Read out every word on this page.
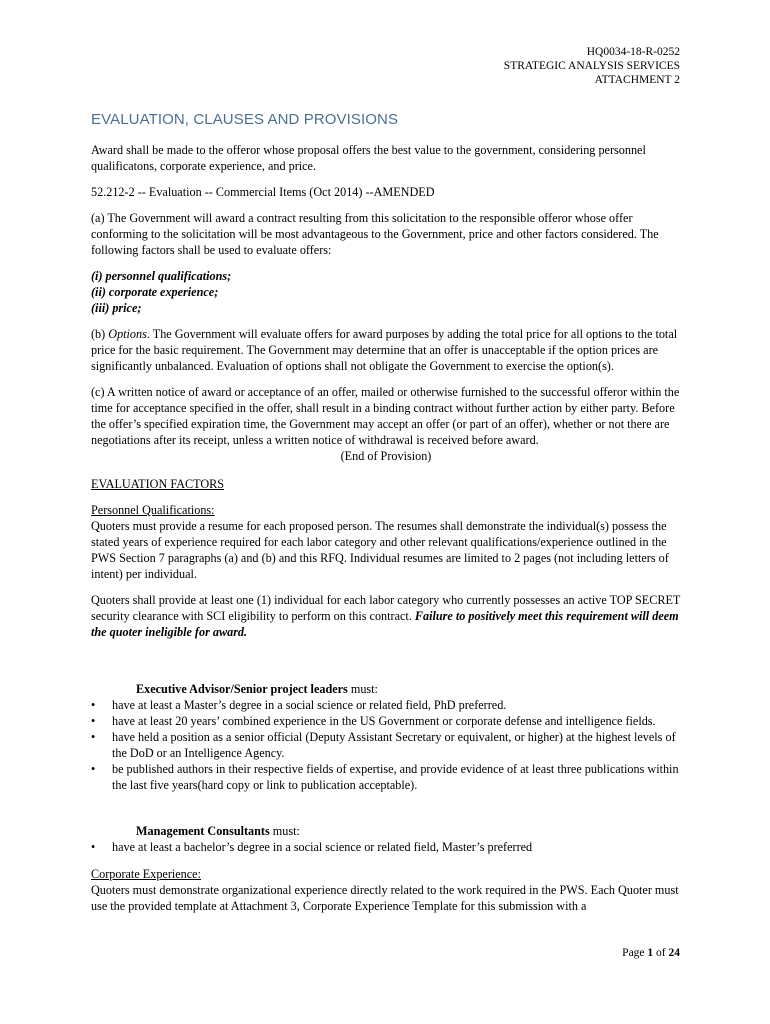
HQ0034-18-R-0252
STRATEGIC ANALYSIS SERVICES
ATTACHMENT 2
EVALUATION, CLAUSES AND PROVISIONS

Award shall be made to the offeror whose proposal offers the best value to the government, considering personnel qualificatons, corporate experience, and price.

52.212-2 -- Evaluation -- Commercial Items (Oct 2014) --AMENDED

(a) The Government will award a contract resulting from this solicitation to the responsible offeror whose offer conforming to the solicitation will be most advantageous to the Government, price and other factors considered. The following factors shall be used to evaluate offers:

(i) personnel qualifications;
(ii) corporate experience;
(iii) price;

(b) Options. The Government will evaluate offers for award purposes by adding the total price for all options to the total price for the basic requirement. The Government may determine that an offer is unacceptable if the option prices are significantly unbalanced. Evaluation of options shall not obligate the Government to exercise the option(s).

(c) A written notice of award or acceptance of an offer, mailed or otherwise furnished to the successful offeror within the time for acceptance specified in the offer, shall result in a binding contract without further action by either party. Before the offer’s specified expiration time, the Government may accept an offer (or part of an offer), whether or not there are negotiations after its receipt, unless a written notice of withdrawal is received before award.

(End of Provision)

EVALUATION FACTORS

Personnel Qualifications:

Quoters must provide a resume for each proposed person. The resumes shall demonstrate the individual(s) possess the stated years of experience required for each labor category and other relevant qualifications/experience outlined in the PWS Section 7 paragraphs (a) and (b) and this RFQ. Individual resumes are limited to 2 pages (not including letters of intent) per individual.

Quoters shall provide at least one (1) individual for each labor category who currently possesses an active TOP SECRET security clearance with SCI eligibility to perform on this contract. Failure to positively meet this requirement will deem the quoter ineligible for award.

Executive Advisor/Senior project leaders must:

• have at least a Master’s degree in a social science or related field, PhD preferred.
• have at least 20 years’ combined experience in the US Government or corporate defense and intelligence fields.
• have held a position as a senior official (Deputy Assistant Secretary or equivalent, or higher) at the highest levels of the DoD or an Intelligence Agency.
• be published authors in their respective fields of expertise, and provide evidence of at least three publications within the last five years(hard copy or link to publication acceptable).

Management Consultants must:

• have at least a bachelor’s degree in a social science or related field, Master’s preferred

Corporate Experience:

Quoters must demonstrate organizational experience directly related to the work required in the PWS. Each Quoter must use the provided template at Attachment 3, Corporate Experience Template for this submission with a

Page 1 of 24
